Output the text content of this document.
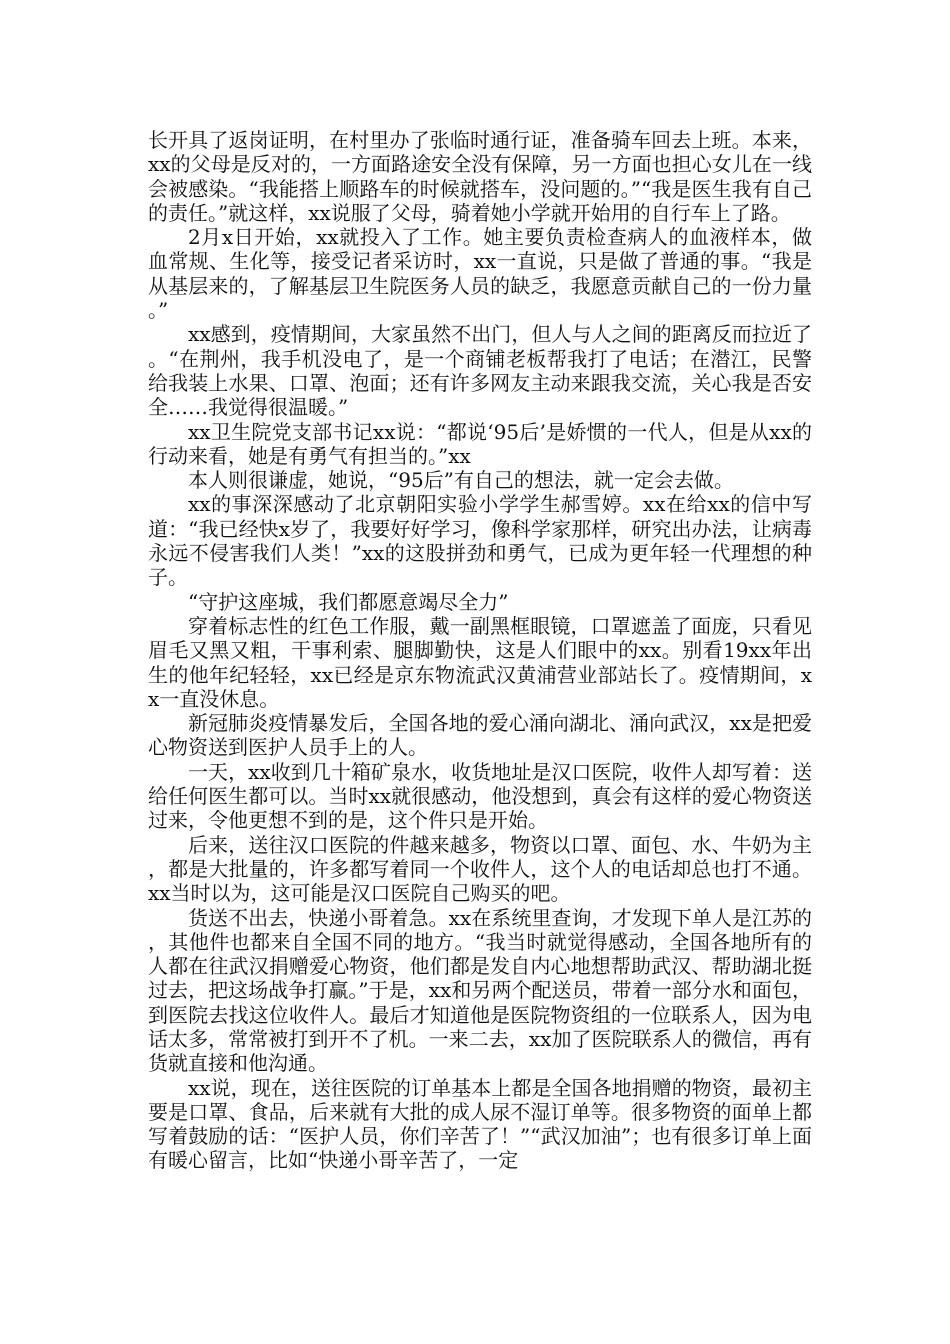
长开具了返岗证明，在村里办了张临时通行证，准备骑车回去上班。本来，xx的父母是反对的，一方面路途安全没有保障，另一方面也担心女儿在一线会被感染。“我能搭上顺路车的时候就搭车，没问题的。”“我是医生我有自己的责任。”就这样，xx说服了父母，骑着她小学就开始用的自行车上了路。

2月x日开始，xx就投入了工作。她主要负责检查病人的血液样本，做血常规、生化等，接受记者采访时，xx一直说，只是做了普通的事。“我是从基层来的，了解基层卫生院医务人员的缺乏，我愿意贡献自己的一份力量。”

xx感到，疫情期间，大家虽然不出门，但人与人之间的距离反而拉近了。“在荆州，我手机没电了，是一个商铺老板帮我打了电话；在潜江，民警给我装上水果、口罩、泡面；还有许多网友主动来跟我交流，关心我是否安全……我觉得很温暖。”

xx卫生院党支部书记xx说：“都说‘95后’是娇惯的一代人，但是从xx的行动来看，她是有勇气有担当的。”xx

本人则很谦虚，她说，“95后”有自己的想法，就一定会去做。

xx的事深深感动了北京朝阳实验小学学生郝雪婷。xx在给xx的信中写道：“我已经快x岁了，我要好好学习，像科学家那样，研究出办法，让病毒永远不侵害我们人类！”xx的这股拼劲和勇气，已成为更年轻一代理想的种子。

“守护这座城，我们都愿意竭尽全力”

穿着标志性的红色工作服，戴一副黑框眼镜，口罩遮盖了面庞，只看见眉毛又黑又粗，干事利索、腿脚勤快，这是人们眼中的xx。别看19xx年出生的他年纪轻轻，xx已经是京东物流武汉黄浦营业部站长了。疫情期间，xx一直没休息。

新冠肺炎疫情暴发后，全国各地的爱心涌向湖北、涌向武汉，xx是把爱心物资送到医护人员手上的人。

一天，xx收到几十箱矿泉水，收货地址是汉口医院，收件人却写着：送给任何医生都可以。当时xx就很感动，他没想到，真会有这样的爱心物资送过来，令他更想不到的是，这个件只是开始。

后来，送往汉口医院的件越来越多，物资以口罩、面包、水、牛奶为主，都是大批量的，许多都写着同一个收件人，这个人的电话却总也打不通。xx当时以为，这可能是汉口医院自己购买的吧。

货送不出去，快递小哥着急。xx在系统里查询，才发现下单人是江苏的，其他件也都来自全国不同的地方。“我当时就觉得感动，全国各地所有的人都在往武汉捐赠爱心物资，他们都是发自内心地想帮助武汉、帮助湖北挺过去，把这场战争打赢。”于是，xx和另两个配送员，带着一部分水和面包，到医院去找这位收件人。最后才知道他是医院物资组的一位联系人，因为电话太多，常常被打到开不了机。一来二去，xx加了医院联系人的微信，再有货就直接和他沟通。

xx说，现在，送往医院的订单基本上都是全国各地捐赠的物资，最初主要是口罩、食品，后来就有大批的成人尿不湿订单等。很多物资的面单上都写着鼓励的话：“医护人员，你们辛苦了！”“武汉加油”；也有很多订单上面有暖心留言，比如“快递小哥辛苦了，一定
